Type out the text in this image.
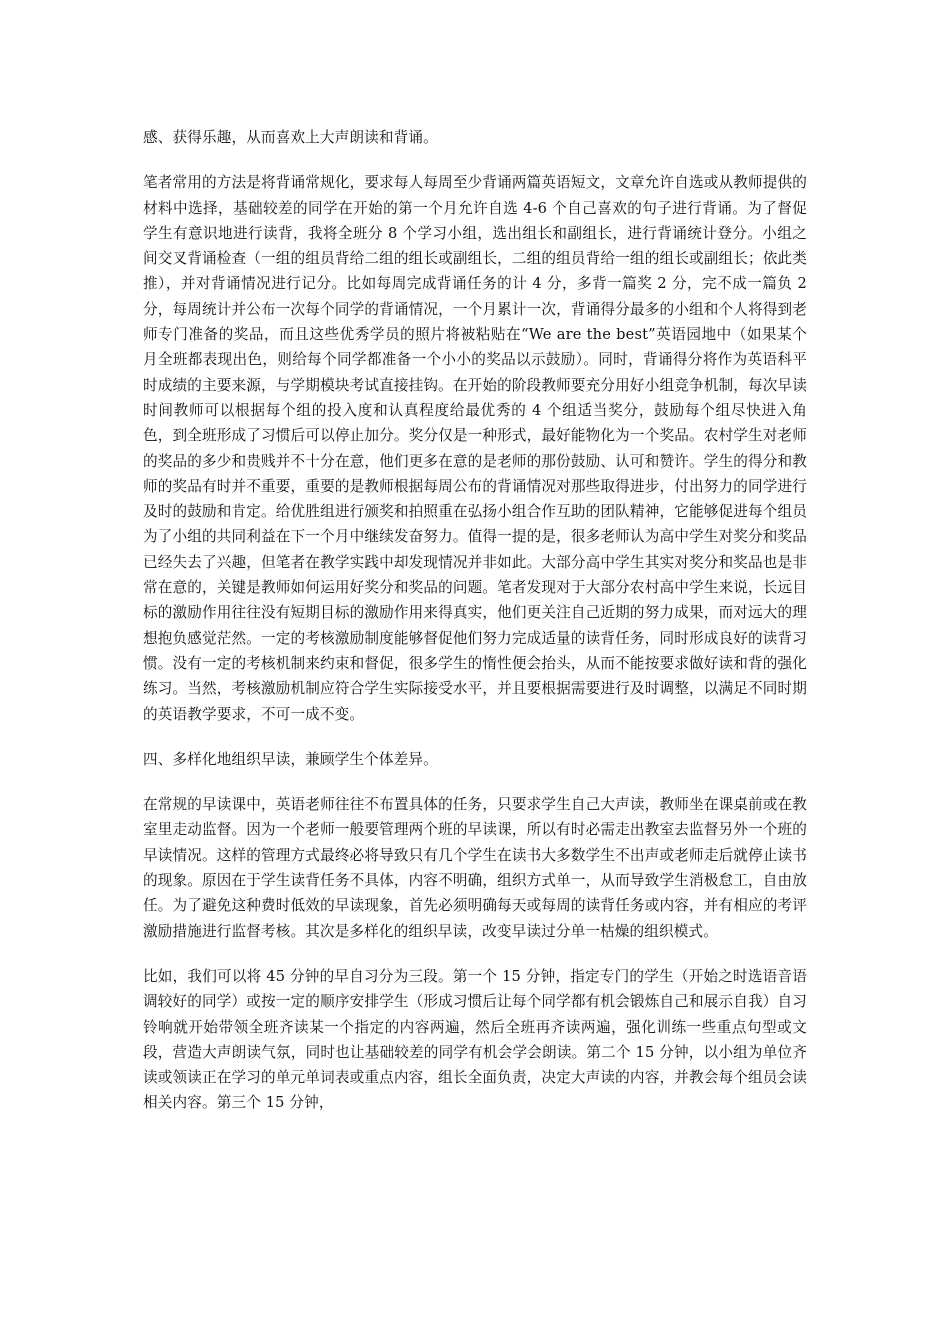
感、获得乐趣，从而喜欢上大声朗读和背诵。

笔者常用的方法是将背诵常规化，要求每人每周至少背诵两篇英语短文，文章允许自选或从教师提供的材料中选择，基础较差的同学在开始的第一个月允许自选 4-6 个自己喜欢的句子进行背诵。为了督促学生有意识地进行读背，我将全班分 8 个学习小组，选出组长和副组长，进行背诵统计登分。小组之间交叉背诵检查（一组的组员背给二组的组长或副组长，二组的组员背给一组的组长或副组长；依此类推），并对背诵情况进行记分。比如每周完成背诵任务的计 4 分，多背一篇奖 2 分，完不成一篇负 2 分，每周统计并公布一次每个同学的背诵情况，一个月累计一次，背诵得分最多的小组和个人将得到老师专门准备的奖品，而且这些优秀学员的照片将被粘贴在“We are the best”英语园地中（如果某个月全班都表现出色，则给每个同学都准备一个小小的奖品以示鼓励）。同时，背诵得分将作为英语科平时成绩的主要来源，与学期模块考试直接挂钩。在开始的阶段教师要充分用好小组竞争机制，每次早读时间教师可以根据每个组的投入度和认真程度给最优秀的 4 个组适当奖分，鼓励每个组尽快进入角色，到全班形成了习惯后可以停止加分。奖分仅是一种形式，最好能物化为一个奖品。农村学生对老师的奖品的多少和贵贱并不十分在意，他们更多在意的是老师的那份鼓励、认可和赞许。学生的得分和教师的奖品有时并不重要，重要的是教师根据每周公布的背诵情况对那些取得进步，付出努力的同学进行及时的鼓励和肯定。给优胜组进行颁奖和拍照重在弘扬小组合作互助的团队精神，它能够促进每个组员为了小组的共同利益在下一个月中继续发奋努力。值得一提的是，很多老师认为高中学生对奖分和奖品已经失去了兴趣，但笔者在教学实践中却发现情况并非如此。大部分高中学生其实对奖分和奖品也是非常在意的，关键是教师如何运用好奖分和奖品的问题。笔者发现对于大部分农村高中学生来说，长远目标的激励作用往往没有短期目标的激励作用来得真实，他们更关注自己近期的努力成果，而对远大的理想抱负感觉茫然。一定的考核激励制度能够督促他们努力完成适量的读背任务，同时形成良好的读背习惯。没有一定的考核机制来约束和督促，很多学生的惰性便会抬头，从而不能按要求做好读和背的强化练习。当然，考核激励机制应符合学生实际接受水平，并且要根据需要进行及时调整，以满足不同时期的英语教学要求，不可一成不变。

四、多样化地组织早读，兼顾学生个体差异。

在常规的早读课中，英语老师往往不布置具体的任务，只要求学生自己大声读，教师坐在课桌前或在教室里走动监督。因为一个老师一般要管理两个班的早读课，所以有时必需走出教室去监督另外一个班的早读情况。这样的管理方式最终必将导致只有几个学生在读书大多数学生不出声或老师走后就停止读书的现象。原因在于学生读背任务不具体，内容不明确，组织方式单一，从而导致学生消极怠工，自由放任。为了避免这种费时低效的早读现象，首先必须明确每天或每周的读背任务或内容，并有相应的考评激励措施进行监督考核。其次是多样化的组织早读，改变早读过分单一枯燥的组织模式。

比如，我们可以将 45 分钟的早自习分为三段。第一个 15 分钟，指定专门的学生（开始之时选语音语调较好的同学）或按一定的顺序安排学生（形成习惯后让每个同学都有机会锻炼自己和展示自我）自习铃响就开始带领全班齐读某一个指定的内容两遍，然后全班再齐读两遍，强化训练一些重点句型或文段，营造大声朗读气氛，同时也让基础较差的同学有机会学会朗读。第二个 15 分钟，以小组为单位齐读或领读正在学习的单元单词表或重点内容，组长全面负责，决定大声读的内容，并教会每个组员会读相关内容。第三个 15 分钟，
